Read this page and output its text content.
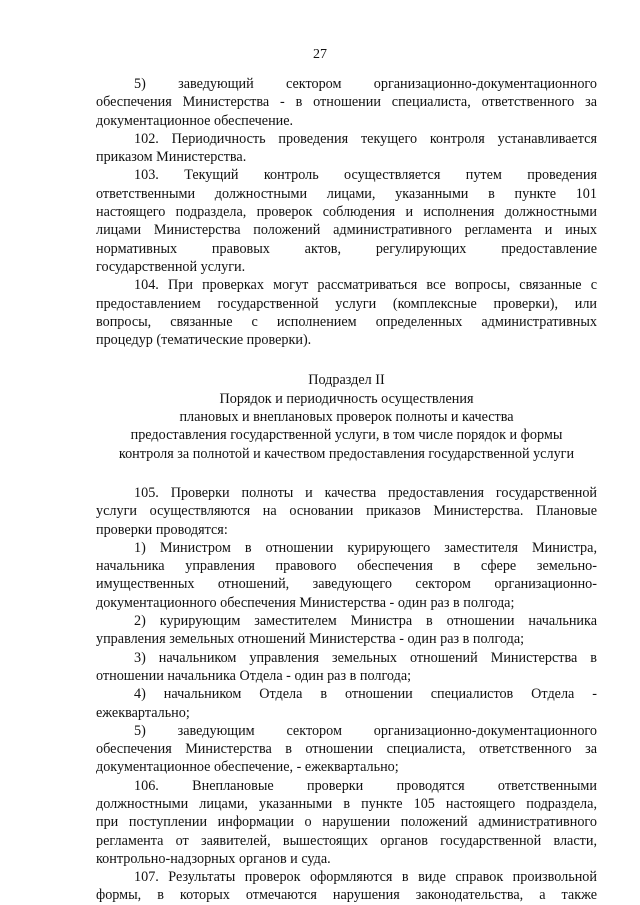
27
5)        заведующий        сектором        организационно-документационного
обеспечения Министерства - в отношении специалиста, ответственного за
документационное обеспечение.
102. Периодичность проведения текущего контроля устанавливается
приказом Министерства.
103.     Текущий     контроль     осуществляется     путем     проведения
ответственными должностными лицами, указанными в пункте 101
настоящего подраздела, проверок соблюдения и исполнения должностными
лицами Министерства положений административного регламента и иных
нормативных правовых актов, регулирующих предоставление
государственной услуги.
104. При проверках могут рассматриваться все вопросы, связанные с
предоставлением государственной услуги (комплексные проверки), или
вопросы, связанные с исполнением определенных административных
процедур (тематические проверки).
Подраздел II
Порядок и периодичность осуществления
плановых и внеплановых проверок полноты и качества
предоставления государственной услуги, в том числе порядок и формы
контроля за полнотой и качеством предоставления государственной услуги
105. Проверки полноты и качества предоставления государственной
услуги осуществляются на основании приказов Министерства. Плановые
проверки проводятся:
1) Министром в отношении курирующего заместителя Министра,
начальника управления правового обеспечения в сфере земельно-
имущественных отношений, заведующего сектором организационно-
документационного обеспечения Министерства - один раз в полгода;
2) курирующим заместителем Министра в отношении начальника
управления земельных отношений Министерства - один раз в полгода;
3) начальником управления земельных отношений Министерства в
отношении начальника Отдела - один раз в полгода;
4)   начальником   Отдела   в   отношении   специалистов   Отдела   -
ежеквартально;
5)        заведующим        сектором        организационно-документационного
обеспечения Министерства в отношении специалиста, ответственного за
документационное обеспечение, - ежеквартально;
106.      Внеплановые      проверки      проводятся      ответственными
должностными лицами, указанными в пункте 105 настоящего подраздела,
при поступлении информации о нарушении положений административного
регламента от заявителей, вышестоящих органов государственной власти,
контрольно-надзорных органов и суда.
107. Результаты проверок оформляются в виде справок произвольной
формы, в которых отмечаются нарушения законодательства, а также
